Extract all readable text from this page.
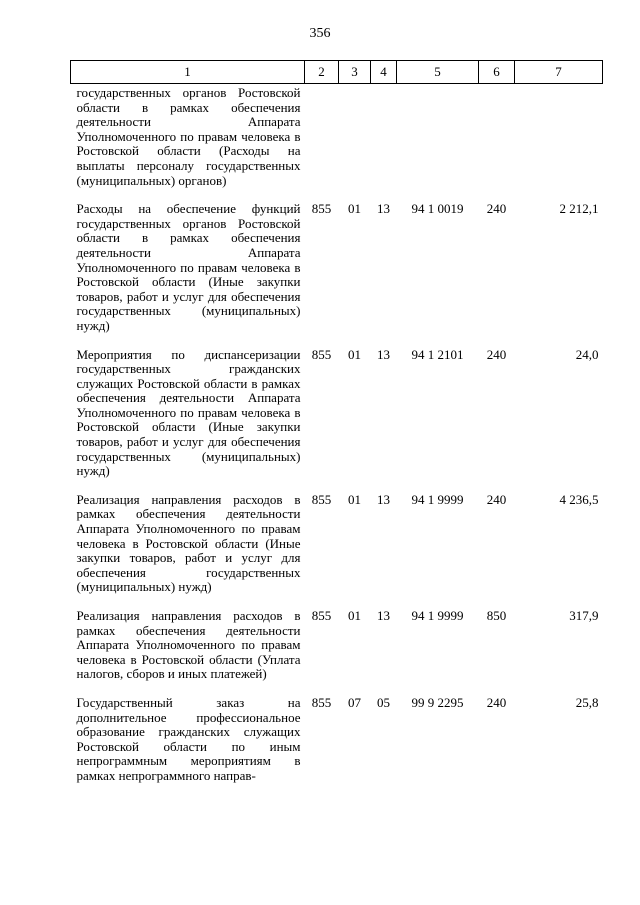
356
1	2	3	4	5	6	7
государственных органов Ростовской области в рамках обеспечения деятельности Аппарата Уполномоченного по правам человека в Ростовской области (Расходы на выплаты персоналу государственных (муниципальных) органов)						

Расходы на обеспечение функций государственных органов Ростовской области в рамках обеспечения деятельности Аппарата Уполномоченного по правам человека в Ростовской области (Иные закупки товаров, работ и услуг для обеспечения государственных (муниципальных) нужд)	855	01	13	94 1 0019	240	2 212,1

Мероприятия по диспансеризации государственных гражданских служащих Ростовской области в рамках обеспечения деятельности Аппарата Уполномоченного по правам человека в Ростовской области (Иные закупки товаров, работ и услуг для обеспечения государственных (муниципальных) нужд)	855	01	13	94 1 2101	240	24,0

Реализация направления расходов в рамках обеспечения деятельности Аппарата Уполномоченного по правам человека в Ростовской области (Иные закупки товаров, работ и услуг для обеспечения государственных (муниципальных) нужд)	855	01	13	94 1 9999	240	4 236,5

Реализация направления расходов в рамках обеспечения деятельности Аппарата Уполномоченного по правам человека в Ростовской области (Уплата налогов, сборов и иных платежей)	855	01	13	94 1 9999	850	317,9

Государственный заказ на дополнительное профессиональное образование гражданских служащих Ростовской области по иным непрограммным мероприятиям в рамках непрограммного направ-	855	07	05	99 9 2295	240	25,8
